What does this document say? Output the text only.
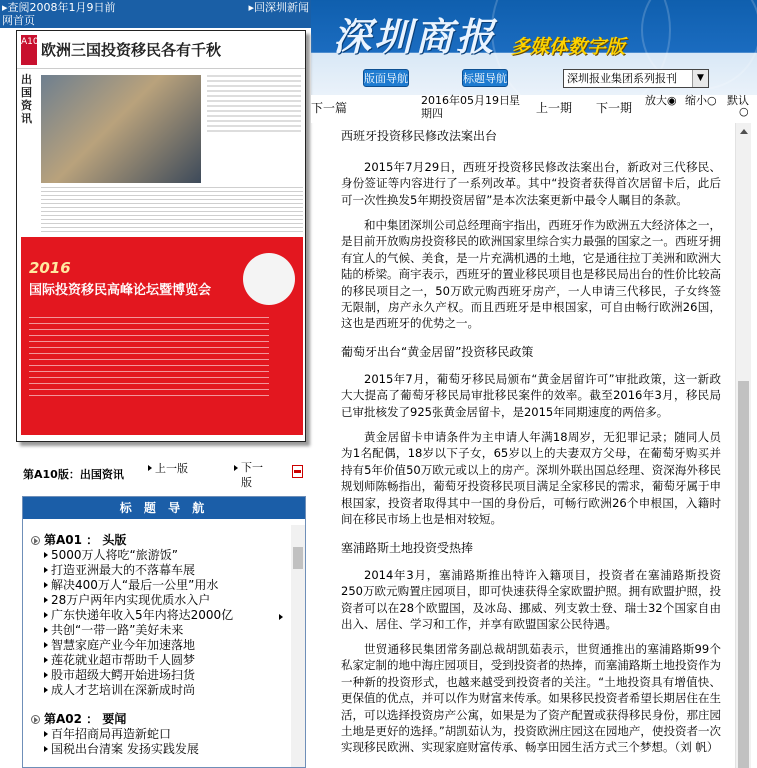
▸查阅2008年1月9日前	▸回深圳新闻
网首页	深圳商报 多媒体数字版
版面导航	标题导航	深圳报业集团系列报刊	▼
A10 欧洲三国投资移民各有千秋
出国资讯
2016
国际投资移民高峰论坛暨博览会
第A10版：出国资讯	上一版	下一版
标 题 导 航
第A01 ： 头版
5000万人将吃“旅游饭”
打造亚洲最大的不落幕车展
解决400万人“最后一公里”用水
28万户两年内实现优质水入户
广东快递年收入5年内将达2000亿
共创“一带一路”美好未来
智慧家庭产业今年加速落地
莲花就业超市帮助千人圆梦
股市超级大鳄开始进场扫货
成人才艺培训在深新成时尚
第A02 ： 要闻
百年招商局再造新蛇口
国税出台清案 发扬实践发展
下一篇
2016年05月19日 星
期四	上一期 下一期
放大◉ 缩小○ 默认
○
西班牙投资移民修改法案出台
2015年7月29日，西班牙投资移民修改法案出台，新政对三代移民、身份签证等内容进行了一系列改革。其中“投资者获得首次居留卡后，此后可一次性换发5年期投资居留”是本次法案更新中最令人瞩目的条款。
和中集团深圳公司总经理商宇指出，西班牙作为欧洲五大经济体之一，是目前开放购房投资移民的欧洲国家里综合实力最强的国家之一。西班牙拥有宜人的气候、美食，是一片充满机遇的土地，它是通往拉丁美洲和欧洲大陆的桥梁。商宇表示，西班牙的置业移民项目也是移民局出台的性价比较高的移民项目之一，50万欧元购西班牙房产，一人申请三代移民，子女终签无限制，房产永久产权。而且西班牙是申根国家，可自由畅行欧洲26国，这也是西班牙的优势之一。
葡萄牙出台“黄金居留”投资移民政策
2015年7月，葡萄牙移民局颁布“黄金居留许可”审批政策，这一新政大大提高了葡萄牙移民局审批移民案件的效率。截至2016年3月，移民局已审批核发了925张黄金居留卡，是2015年同期速度的两倍多。
黄金居留卡申请条件为主申请人年满18周岁，无犯罪记录；随同人员为1名配偶，18岁以下子女，65岁以上的夫妻双方父母，在葡萄牙购买并持有5年价值50万欧元或以上的房产。深圳外联出国总经理、资深海外移民规划师陈畅指出，葡萄牙投资移民项目满足全家移民的需求，葡萄牙属于申根国家，投资者取得其中一国的身份后，可畅行欧洲26个申根国，入籍时间在移民市场上也是相对较短。
塞浦路斯土地投资受热捧
2014年3月，塞浦路斯推出特许入籍项目，投资者在塞浦路斯投资250万欧元购置庄园项目，即可快速获得全家欧盟护照。拥有欧盟护照，投资者可以在28个欧盟国，及冰岛、挪威、列支敦士登、瑞士32个国家自由出入、居住、学习和工作，并享有欧盟国家公民待遇。
世贸通移民集团常务副总裁胡凯茹表示，世贸通推出的塞浦路斯99个私家定制的地中海庄园项目，受到投资者的热捧，而塞浦路斯土地投资作为一种新的投资形式，也越来越受到投资者的关注。“土地投资具有增值快、更保值的优点，并可以作为财富来传承。如果移民投资者希望长期居住在生活，可以选择投资房产公寓，如果是为了资产配置或获得移民身份，那庄园土地是更好的选择。”胡凯茹认为，投资欧洲庄园这在园地产，使投资者一次实现移民欧洲、实现家庭财富传承、畅享田园生活方式三个梦想。（刘 帆）
